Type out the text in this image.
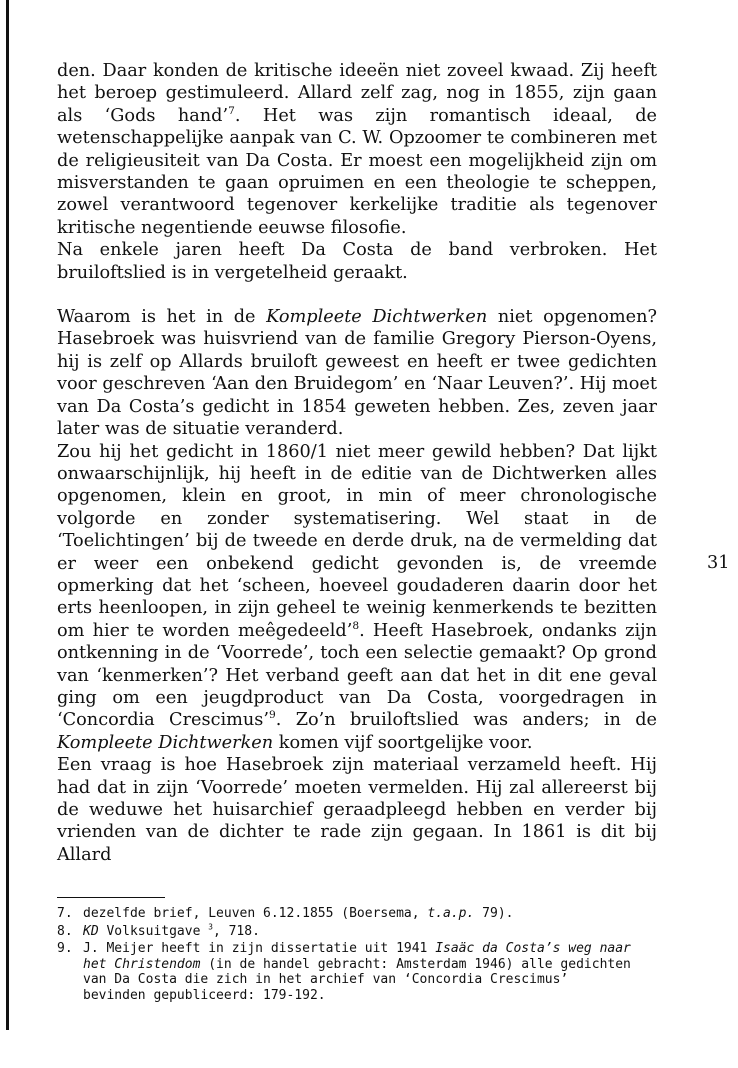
den. Daar konden de kritische ideeën niet zoveel kwaad. Zij heeft het beroep gestimuleerd. Allard zelf zag, nog in 1855, zijn gaan als ‘Gods hand’$^7$. Het was zijn romantisch ideaal, de wetenschappelijke aanpak van C. W. Opzoomer te combineren met de religieusiteit van Da Costa. Er moest een mogelijkheid zijn om misverstanden te gaan opruimen en een theologie te scheppen, zowel verantwoord tegenover kerkelijke traditie als tegenover kritische negentiende eeuwse filosofie.

Na enkele jaren heeft Da Costa de band verbroken. Het bruiloftslied is in vergetelheid geraakt.

Waarom is het in de Kompleete Dichtwerken niet opgenomen? Hasebroek was huisvriend van de familie Gregory Pierson-Oyens, hij is zelf op Allards bruiloft geweest en heeft er twee gedichten voor geschreven ‘Aan den Bruidegom’ en ‘Naar Leuven?’. Hij moet van Da Costa’s gedicht in 1854 geweten hebben. Zes, zeven jaar later was de situatie veranderd.

Zou hij het gedicht in 1860/1 niet meer gewild hebben? Dat lijkt onwaarschijnlijk, hij heeft in de editie van de Dichtwerken alles opgenomen, klein en groot, in min of meer chronologische volgorde en zonder systematisering. Wel staat in de ‘Toelichtingen’ bij de tweede en derde druk, na de vermelding dat er weer een onbekend gedicht gevonden is, de vreemde opmerking dat het ‘scheen, hoeveel goudaderen daarin door het erts heenloopen, in zijn geheel te weinig kenmerkends te bezitten om hier te worden meêgedeeld’$^8$. Heeft Hasebroek, ondanks zijn ontkenning in de ‘Voorrede’, toch een selectie gemaakt? Op grond van ‘kenmerken’? Het verband geeft aan dat het in dit ene geval ging om een jeugdproduct van Da Costa, voorgedragen in ‘Concordia Crescimus’$^9$. Zo’n bruiloftslied was anders; in de Kompleete Dichtwerken komen vijf soortgelijke voor.

Een vraag is hoe Hasebroek zijn materiaal verzameld heeft. Hij had dat in zijn ‘Voorrede’ moeten vermelden. Hij zal allereerst bij de weduwe het huisarchief geraadpleegd hebben en verder bij vrienden van de dichter te rade zijn gegaan. In 1861 is dit bij Allard

31
7. dezelfde brief, Leuven 6.12.1855 (Boersema, t.a.p. 79).
8. KD Volksuitgave $^3$, 718.
9. J. Meijer heeft in zijn dissertatie uit 1941 Isaäc da Costa’s weg naar het Christendom (in de handel gebracht: Amsterdam 1946) alle gedichten van Da Costa die zich in het archief van ‘Concordia Crescimus’ bevinden gepubliceerd: 179-192.
